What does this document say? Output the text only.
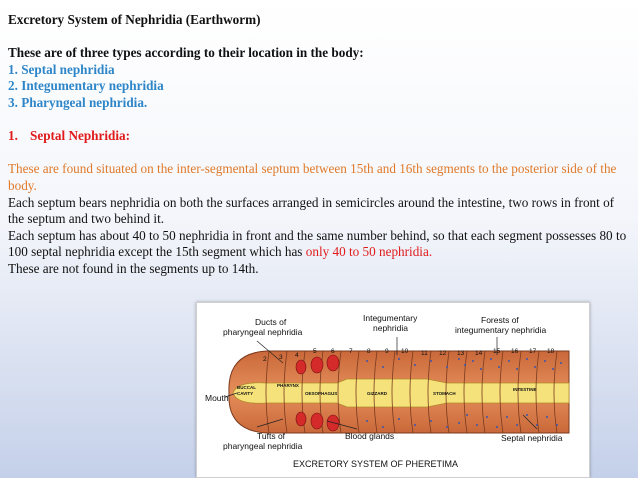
Excretory System of Nephridia (Earthworm)

These are of three types according to their location in the body:

1. Septal nephridia

2. Integumentary nephridia

3. Pharyngeal nephridia.

1. Septal Nephridia:

These are found situated on the inter-segmental septum between 15th and 16th segments to the posterior side of the body.

Each septum bears nephridia on both the surfaces arranged in semicircles around the intestine, two rows in front of the septum and two behind it.

Each septum has about 40 to 50 nephridia in front and the same number behind, so that each segment possesses 80 to 100 septal nephridia except the 15th segment which has only 40 to 50 nephridia.

These are not found in the segments up to 14th.

2 3 4
5 6 7 8 9 10 11 12 13 14 15 16 17 18
BUCCAL
CAVITY
PHARYNX
OESOPHAGUS	GIZZARD	STOMACH
INTESTINE
Ducts of
pharyngeal nephridia
Integumentary
nephridia
Forests of
integumentary nephridia
Mouth
Tufts of
pharyngeal nephridia
Blood glands	Septal nephridia
EXCRETORY SYSTEM OF PHERETIMA
